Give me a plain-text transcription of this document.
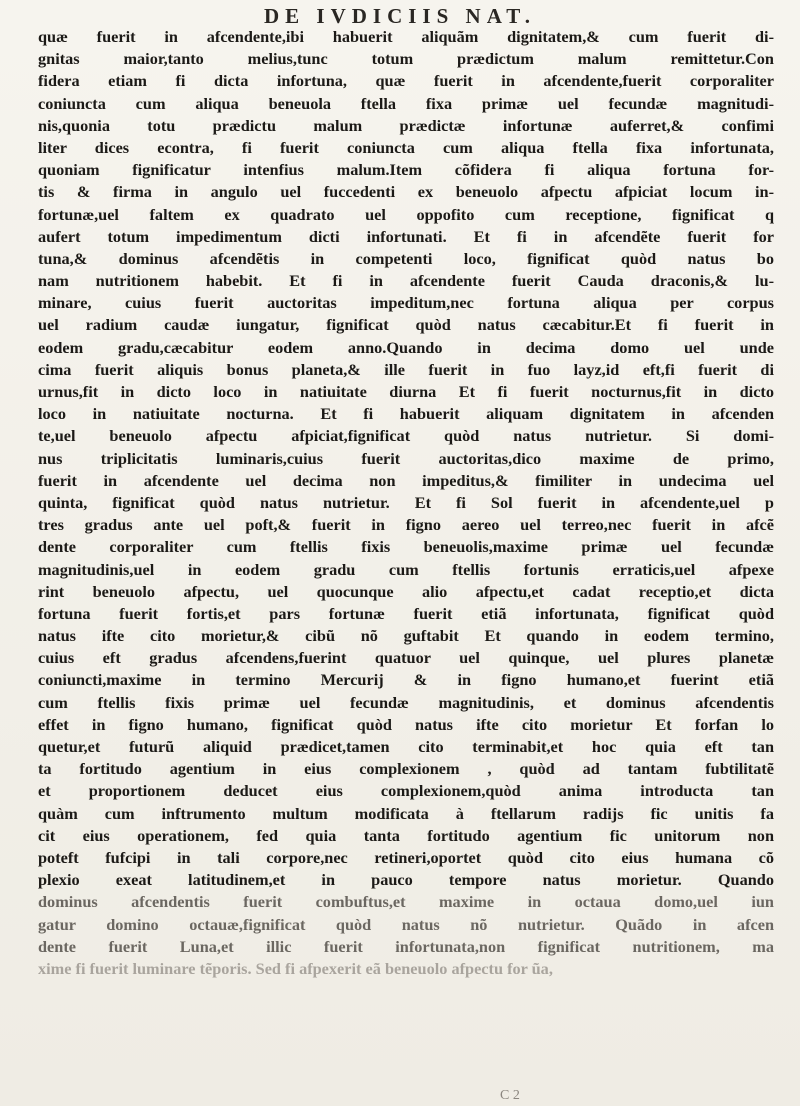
DE IVDICIIS NAT.
quæ fuerit in afcendente,ibi habuerit aliquãm dignitatem,& cum fuerit di-
gnitas maior,tanto melius,tunc totum prædictum malum remittetur.Con
fidera etiam fi dicta infortuna, quæ fuerit in afcendente,fuerit corporaliter
coniuncta cum aliqua beneuola ftella fixa primæ uel fecundæ magnitudi-
nis,quonia totu prædictu malum prædictæ infortunæ auferret,& confimi
liter dices econtra, fi fuerit coniuncta cum aliqua ftella fixa infortunata,
quoniam fignificatur intenfius malum.Item cõfidera fi aliqua fortuna for-
tis & firma in angulo uel fuccedenti ex beneuolo afpectu afpiciat locum in-
fortunæ,uel faltem ex quadrato uel oppofito cum receptione, fignificat q
aufert totum impedimentum dicti infortunati. Et fi in afcendẽte fuerit for
tuna,& dominus afcendẽtis in competenti loco, fignificat quòd natus bo
nam nutritionem habebit. Et fi in afcendente fuerit Cauda draconis,& lu-
minare, cuius fuerit auctoritas impeditum,nec fortuna aliqua per corpus
uel radium caudæ iungatur, fignificat quòd natus cæcabitur.Et fi fuerit in
eodem gradu,cæcabitur eodem anno.Quando in decima domo uel unde
cima fuerit aliquis bonus planeta,& ille fuerit in fuo layz,id eft,fi fuerit di
urnus,fit in dicto loco in natiuitate diurna Et fi fuerit nocturnus,fit in dicto
loco in natiuitate nocturna. Et fi habuerit aliquam dignitatem in afcenden
te,uel beneuolo afpectu afpiciat,fignificat quòd natus nutrietur. Si domi-
nus triplicitatis luminaris,cuius fuerit auctoritas,dico maxime de primo,
fuerit in afcendente uel decima non impeditus,& fimiliter in undecima uel
quinta, fignificat quòd natus nutrietur. Et fi Sol fuerit in afcendente,uel p
tres gradus ante uel poft,& fuerit in figno aereo uel terreo,nec fuerit in afcẽ
dente corporaliter cum ftellis fixis beneuolis,maxime primæ uel fecundæ
magnitudinis,uel in eodem gradu cum ftellis fortunis erraticis,uel afpexe
rint beneuolo afpectu, uel quocunque alio afpectu,et cadat receptio,et dicta
fortuna fuerit fortis,et pars fortunæ fuerit etiã infortunata, fignificat quòd
natus ifte cito morietur,& cibũ nõ guftabit Et quando in eodem termino,
cuius eft gradus afcendens,fuerint quatuor uel quinque, uel plures planetæ
coniuncti,maxime in termino Mercurij & in figno humano,et fuerint etiã
cum ftellis fixis primæ uel fecundæ magnitudinis, et dominus afcendentis
effet in figno humano, fignificat quòd natus ifte cito morietur Et forfan lo
quetur,et futurũ aliquid prædicet,tamen cito terminabit,et hoc quia eft tan
ta fortitudo agentium in eius complexionem , quòd ad tantam fubtilitatẽ
et proportionem deducet eius complexionem,quòd anima introducta tan
quàm cum inftrumento multum modificata à ftellarum radijs fic unitis fa
cit eius operationem, fed quia tanta fortitudo agentium fic unitorum non
poteft fufcipi in tali corpore,nec retineri,oportet quòd cito eius humana cõ
plexio exeat latitudinem,et in pauco tempore natus morietur. Quando
dominus afcendentis fuerit combuftus,et maxime in octaua domo,uel iun
gatur domino octauæ,fignificat quòd natus nõ nutrietur. Quãdo in afcen
dente fuerit Luna,et illic fuerit infortunata,non fignificat nutritionem, ma
xime fi fuerit luminare tẽporis. Sed fi afpexerit eã beneuolo afpectu for ũa,
C 2
